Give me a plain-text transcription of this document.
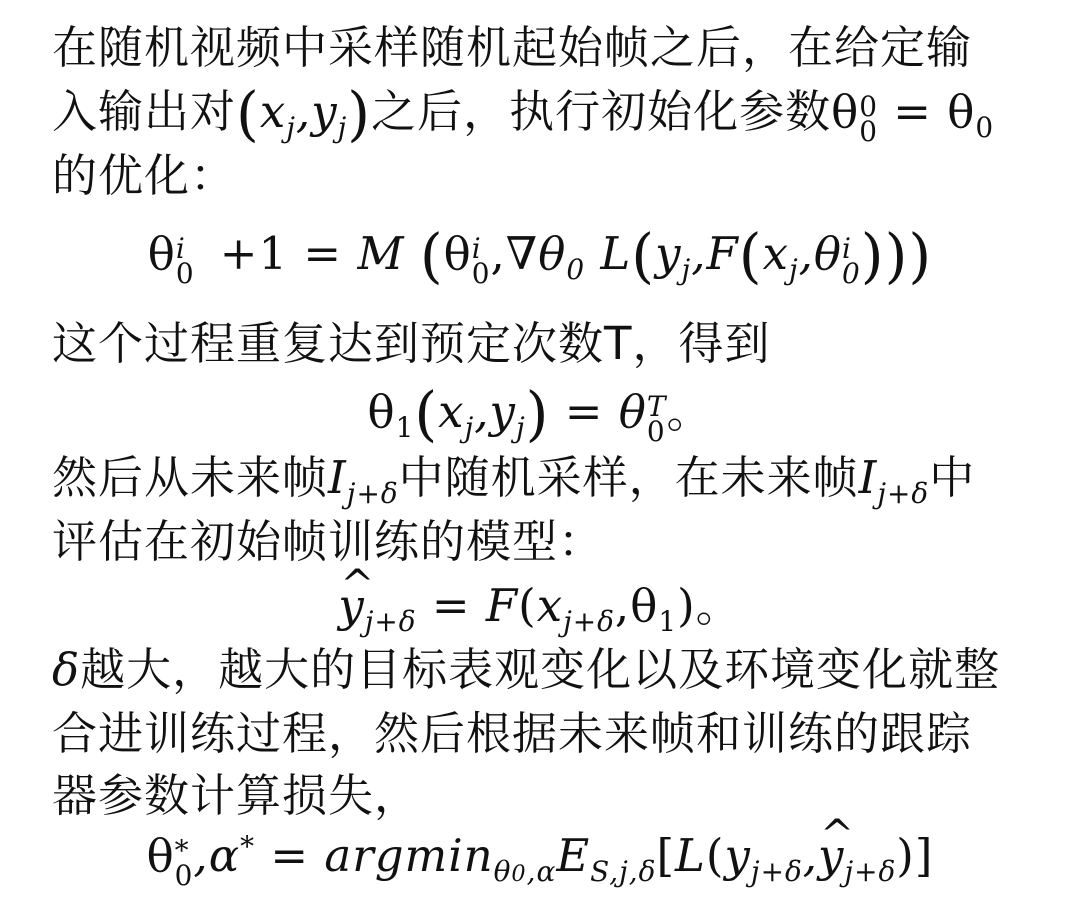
在随机视频中采样随机起始帧之后，在给定输
入输出对$(x_j,y_j)$之后，执行初始化参数θ 0
$0 = \theta_0$
的优化：
θ i
0 +1 = M (θ i
0 $,\nabla\theta_0$ $L(y_j,F(x_j,\theta$ i
0 )))
这个过程重复达到预定次数T，得到
$\theta_1(x_j,y_j) = \theta$ T
0 。
然后从未来帧$I_{j+\delta}$中随机采样，在未来帧$I_{j+\delta}$中
评估在初始帧训练的模型：
^ $y_{j+\delta} = F(x_{j+\delta},\theta_1)$。
δ越大，越大的目标表观变化以及环境变化就整
合进训练过程，然后根据未来帧和训练的跟踪
器参数计算损失，
θ *
0 $,\alpha^* = argmin_{\theta 0,\alpha}E_{S,j,\delta}[L(y_{j+\delta},\^{}$ $y_{j+\delta}$)]
